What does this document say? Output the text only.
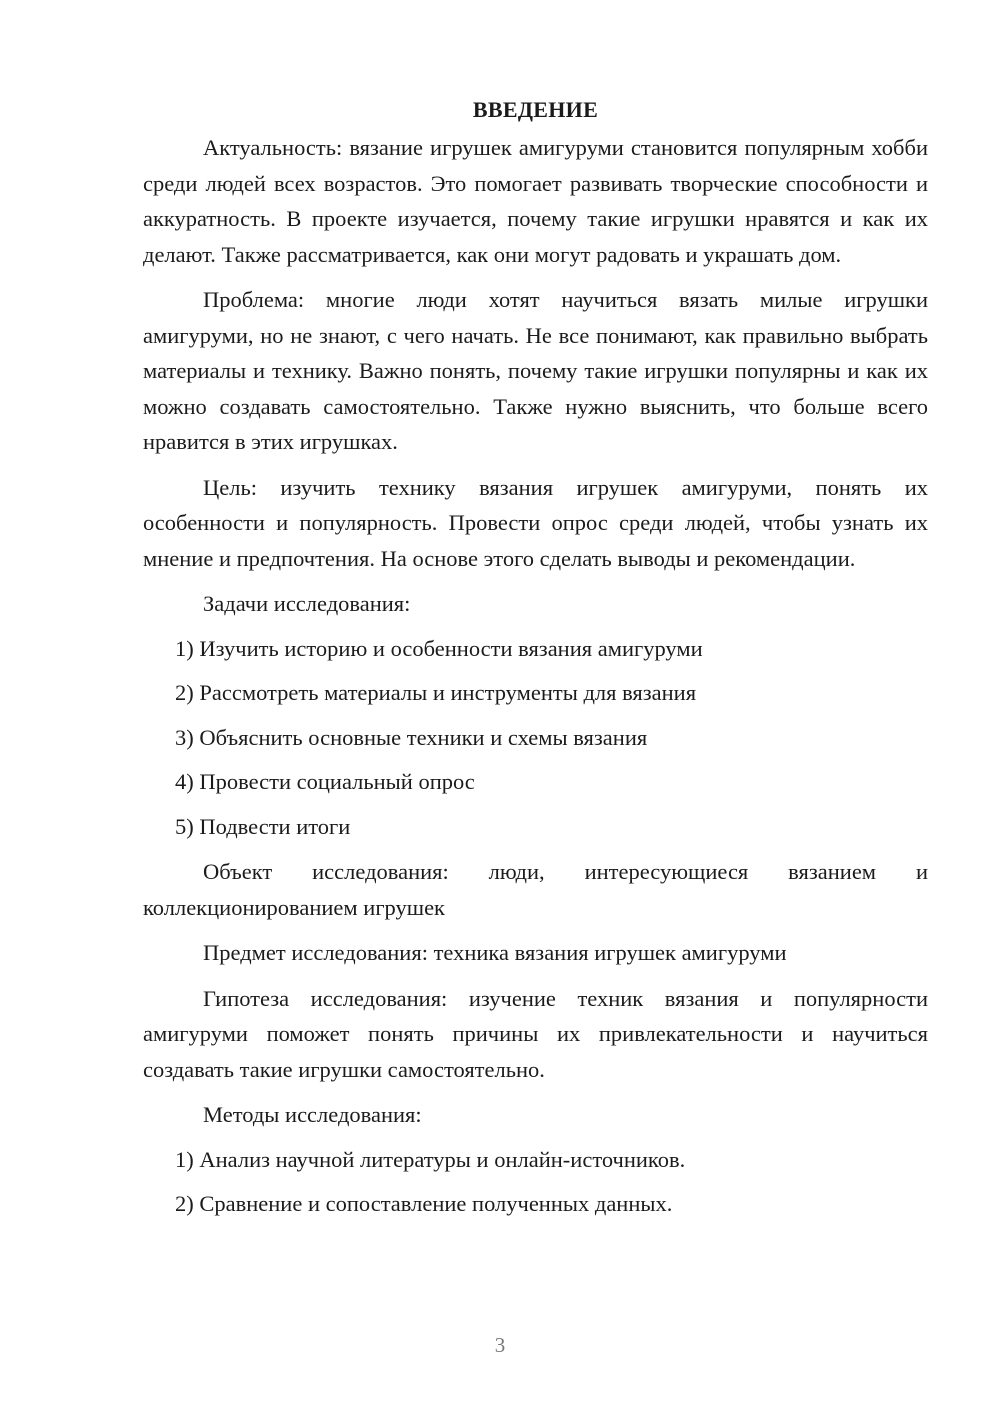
ВВЕДЕНИЕ

Актуальность: вязание игрушек амигуруми становится популярным хобби среди людей всех возрастов. Это помогает развивать творческие способности и аккуратность. В проекте изучается, почему такие игрушки нравятся и как их делают. Также рассматривается, как они могут радовать и украшать дом.

Проблема: многие люди хотят научиться вязать милые игрушки амигуруми, но не знают, с чего начать. Не все понимают, как правильно выбрать материалы и технику. Важно понять, почему такие игрушки популярны и как их можно создавать самостоятельно. Также нужно выяснить, что больше всего нравится в этих игрушках.

Цель: изучить технику вязания игрушек амигуруми, понять их особенности и популярность. Провести опрос среди людей, чтобы узнать их мнение и предпочтения. На основе этого сделать выводы и рекомендации.

Задачи исследования:

1) Изучить историю и особенности вязания амигуруми
2) Рассмотреть материалы и инструменты для вязания
3) Объяснить основные техники и схемы вязания
4) Провести социальный опрос
5) Подвести итоги

Объект исследования: люди, интересующиеся вязанием и коллекционированием игрушек

Предмет исследования: техника вязания игрушек амигуруми

Гипотеза исследования: изучение техник вязания и популярности амигуруми поможет понять причины их привлекательности и научиться создавать такие игрушки самостоятельно.

Методы исследования:

1) Анализ научной литературы и онлайн-источников.
2) Сравнение и сопоставление полученных данных.
3
